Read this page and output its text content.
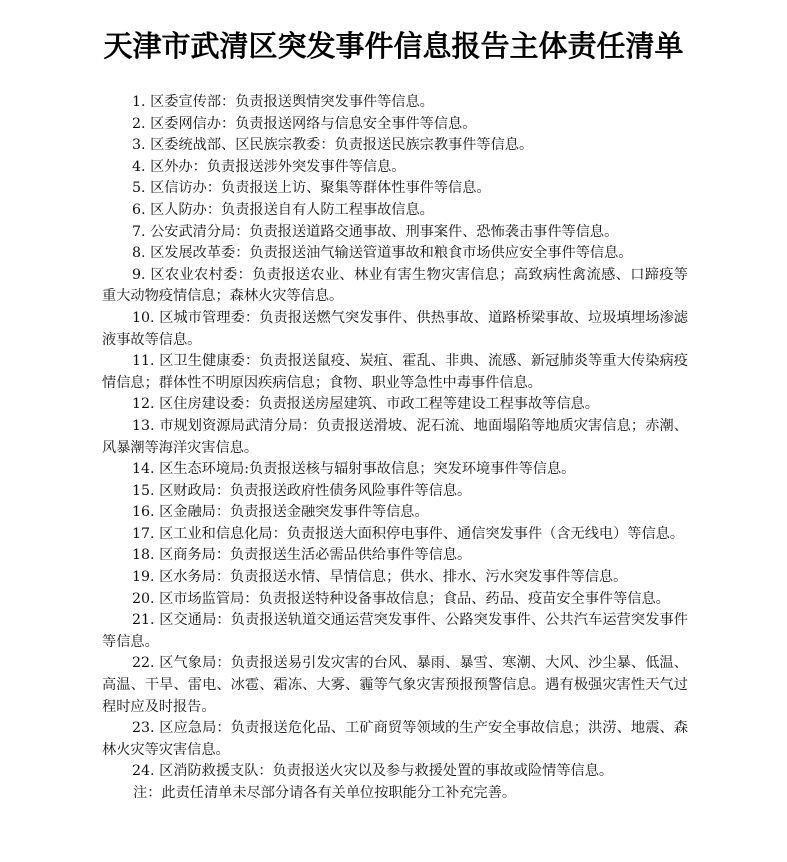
天津市武清区突发事件信息报告主体责任清单
1. 区委宣传部：负责报送舆情突发事件等信息。
2. 区委网信办：负责报送网络与信息安全事件等信息。
3. 区委统战部、区民族宗教委：负责报送民族宗教事件等信息。
4. 区外办：负责报送涉外突发事件等信息。
5. 区信访办：负责报送上访、聚集等群体性事件等信息。
6. 区人防办：负责报送自有人防工程事故信息。
7. 公安武清分局：负责报送道路交通事故、刑事案件、恐怖袭击事件等信息。
8. 区发展改革委：负责报送油气输送管道事故和粮食市场供应安全事件等信息。
9. 区农业农村委：负责报送农业、林业有害生物灾害信息；高致病性禽流感、口蹄疫等重大动物疫情信息；森林火灾等信息。
10. 区城市管理委：负责报送燃气突发事件、供热事故、道路桥梁事故、垃圾填埋场渗滤液事故等信息。
11. 区卫生健康委：负责报送鼠疫、炭疽、霍乱、非典、流感、新冠肺炎等重大传染病疫情信息；群体性不明原因疾病信息；食物、职业等急性中毒事件信息。
12. 区住房建设委：负责报送房屋建筑、市政工程等建设工程事故等信息。
13. 市规划资源局武清分局：负责报送滑坡、泥石流、地面塌陷等地质灾害信息；赤潮、风暴潮等海洋灾害信息。
14. 区生态环境局:负责报送核与辐射事故信息；突发环境事件等信息。
15. 区财政局：负责报送政府性债务风险事件等信息。
16. 区金融局：负责报送金融突发事件等信息。
17. 区工业和信息化局：负责报送大面积停电事件、通信突发事件（含无线电）等信息。
18. 区商务局：负责报送生活必需品供给事件等信息。
19. 区水务局：负责报送水情、旱情信息；供水、排水、污水突发事件等信息。
20. 区市场监管局：负责报送特种设备事故信息；食品、药品、疫苗安全事件等信息。
21. 区交通局：负责报送轨道交通运营突发事件、公路突发事件、公共汽车运营突发事件等信息。
22. 区气象局：负责报送易引发灾害的台风、暴雨、暴雪、寒潮、大风、沙尘暴、低温、高温、干旱、雷电、冰雹、霜冻、大雾、霾等气象灾害预报预警信息。遇有极强灾害性天气过程时应及时报告。
23. 区应急局：负责报送危化品、工矿商贸等领域的生产安全事故信息；洪涝、地震、森林火灾等灾害信息。
24. 区消防救援支队：负责报送火灾以及参与救援处置的事故或险情等信息。
注：此责任清单未尽部分请各有关单位按职能分工补充完善。
